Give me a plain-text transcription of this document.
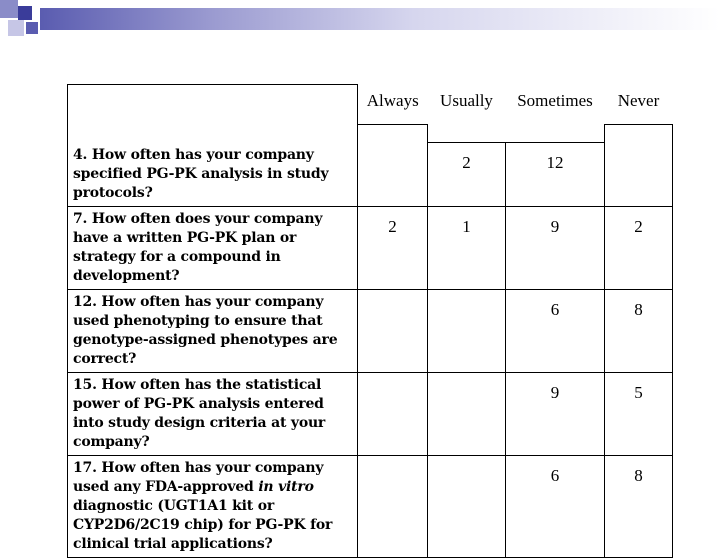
	Always	Usually	Sometimes	Never

4. How often has your company specified PG-PK analysis in study protocols?		2	12	
7. How often does your company have a written PG-PK plan or strategy for a compound in development?	2	1	9	2
12. How often has your company used phenotyping to ensure that genotype-assigned phenotypes are correct?			6	8
15. How often has the statistical power of PG-PK analysis entered into study design criteria at your company?			9	5
17. How often has your company used any FDA-approved in vitro diagnostic (UGT1A1 kit or CYP2D6/2C19 chip) for PG-PK for clinical trial applications?			6	8
